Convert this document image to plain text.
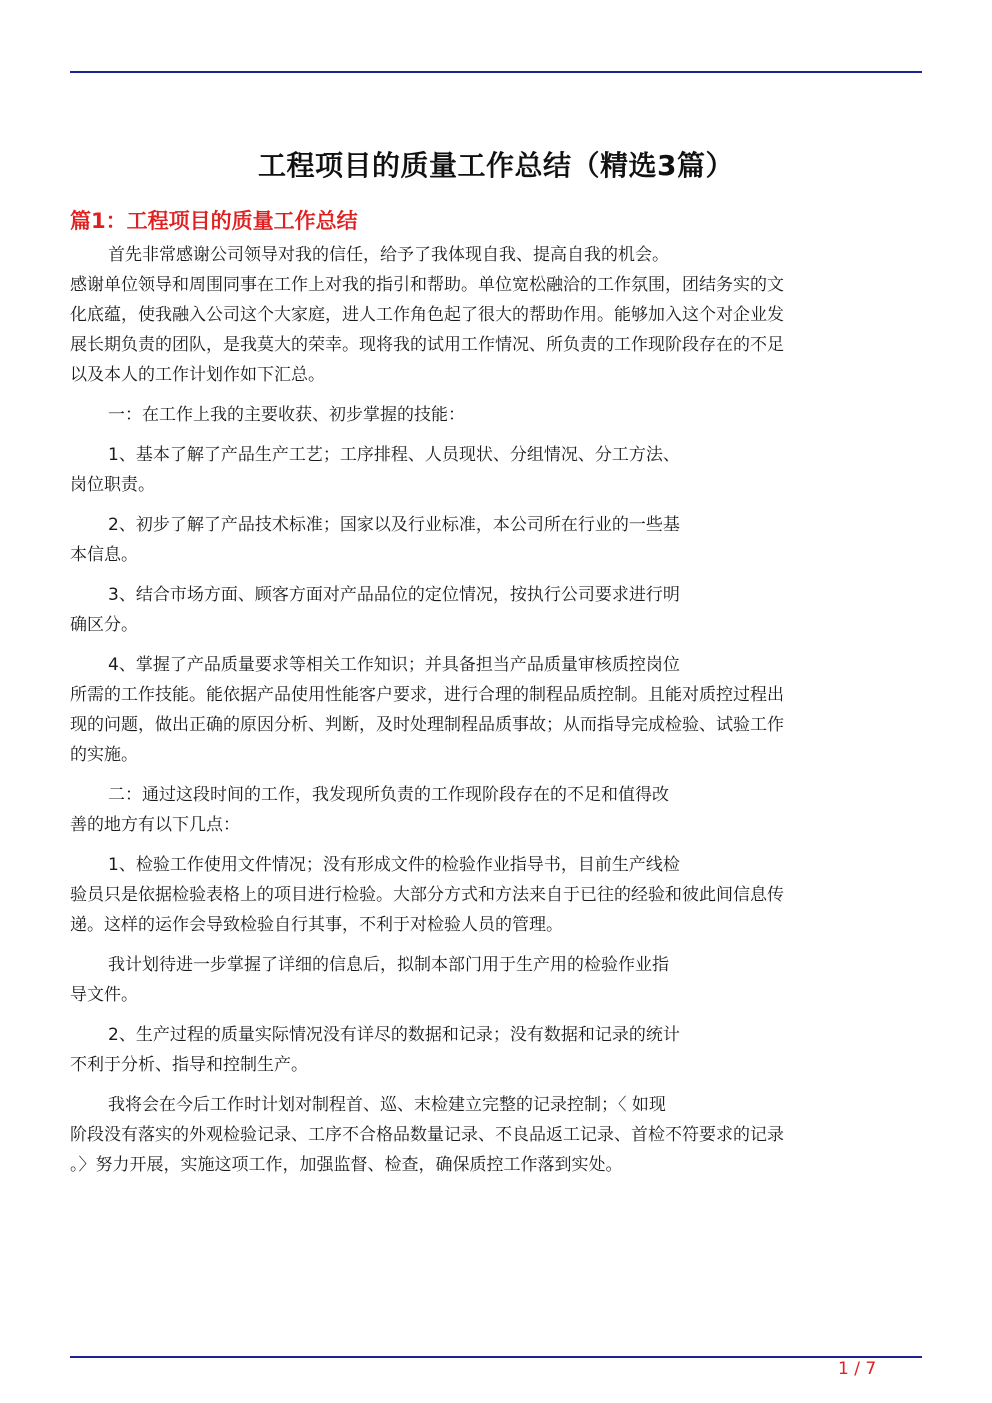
工程项目的质量工作总结（精选3篇）
篇1：工程项目的质量工作总结

首先非常感谢公司领导对我的信任，给予了我体现自我、提高自我的机会。
感谢单位领导和周围同事在工作上对我的指引和帮助。单位宽松融洽的工作氛围，团结务实的文
化底蕴，使我融入公司这个大家庭，进人工作角色起了很大的帮助作用。能够加入这个对企业发
展长期负责的团队，是我莫大的荣幸。现将我的试用工作情况、所负责的工作现阶段存在的不足
以及本人的工作计划作如下汇总。

一：在工作上我的主要收获、初步掌握的技能：

1、基本了解了产品生产工艺；工序排程、人员现状、分组情况、分工方法、
岗位职责。

2、初步了解了产品技术标准；国家以及行业标准，本公司所在行业的一些基
本信息。

3、结合市场方面、顾客方面对产品品位的定位情况，按执行公司要求进行明
确区分。

4、掌握了产品质量要求等相关工作知识；并具备担当产品质量审核质控岗位
所需的工作技能。能依据产品使用性能客户要求，进行合理的制程品质控制。且能对质控过程出
现的问题，做出正确的原因分析、判断，及时处理制程品质事故；从而指导完成检验、试验工作
的实施。

二：通过这段时间的工作，我发现所负责的工作现阶段存在的不足和值得改
善的地方有以下几点：

1、检验工作使用文件情况；没有形成文件的检验作业指导书，目前生产线检
验员只是依据检验表格上的项目进行检验。大部分方式和方法来自于已往的经验和彼此间信息传
递。这样的运作会导致检验自行其事，不利于对检验人员的管理。

我计划待进一步掌握了详细的信息后，拟制本部门用于生产用的检验作业指
导文件。

2、生产过程的质量实际情况没有详尽的数据和记录；没有数据和记录的统计
不利于分析、指导和控制生产。

我将会在今后工作时计划对制程首、巡、末检建立完整的记录控制；〈 如现
阶段没有落实的外观检验记录、工序不合格品数量记录、不良品返工记录、首检不符要求的记录
。〉努力开展，实施这项工作，加强监督、检查，确保质控工作落到实处。

1 / 7
